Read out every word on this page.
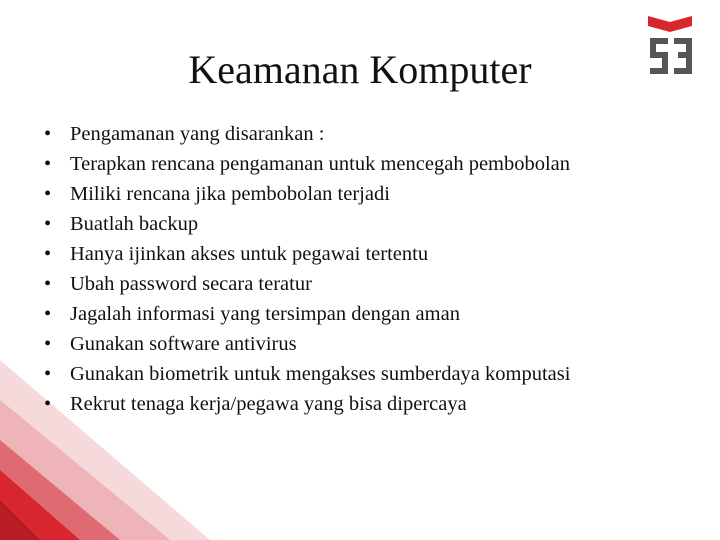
Keamanan Komputer
• Pengamanan yang disarankan :
• Terapkan rencana pengamanan untuk mencegah pembobolan
• Miliki rencana jika pembobolan terjadi
• Buatlah backup
• Hanya ijinkan akses untuk pegawai tertentu
• Ubah password secara teratur
• Jagalah informasi yang tersimpan dengan aman
• Gunakan software antivirus
• Gunakan biometrik untuk mengakses sumberdaya komputasi
• Rekrut tenaga kerja/pegawa yang bisa dipercaya
